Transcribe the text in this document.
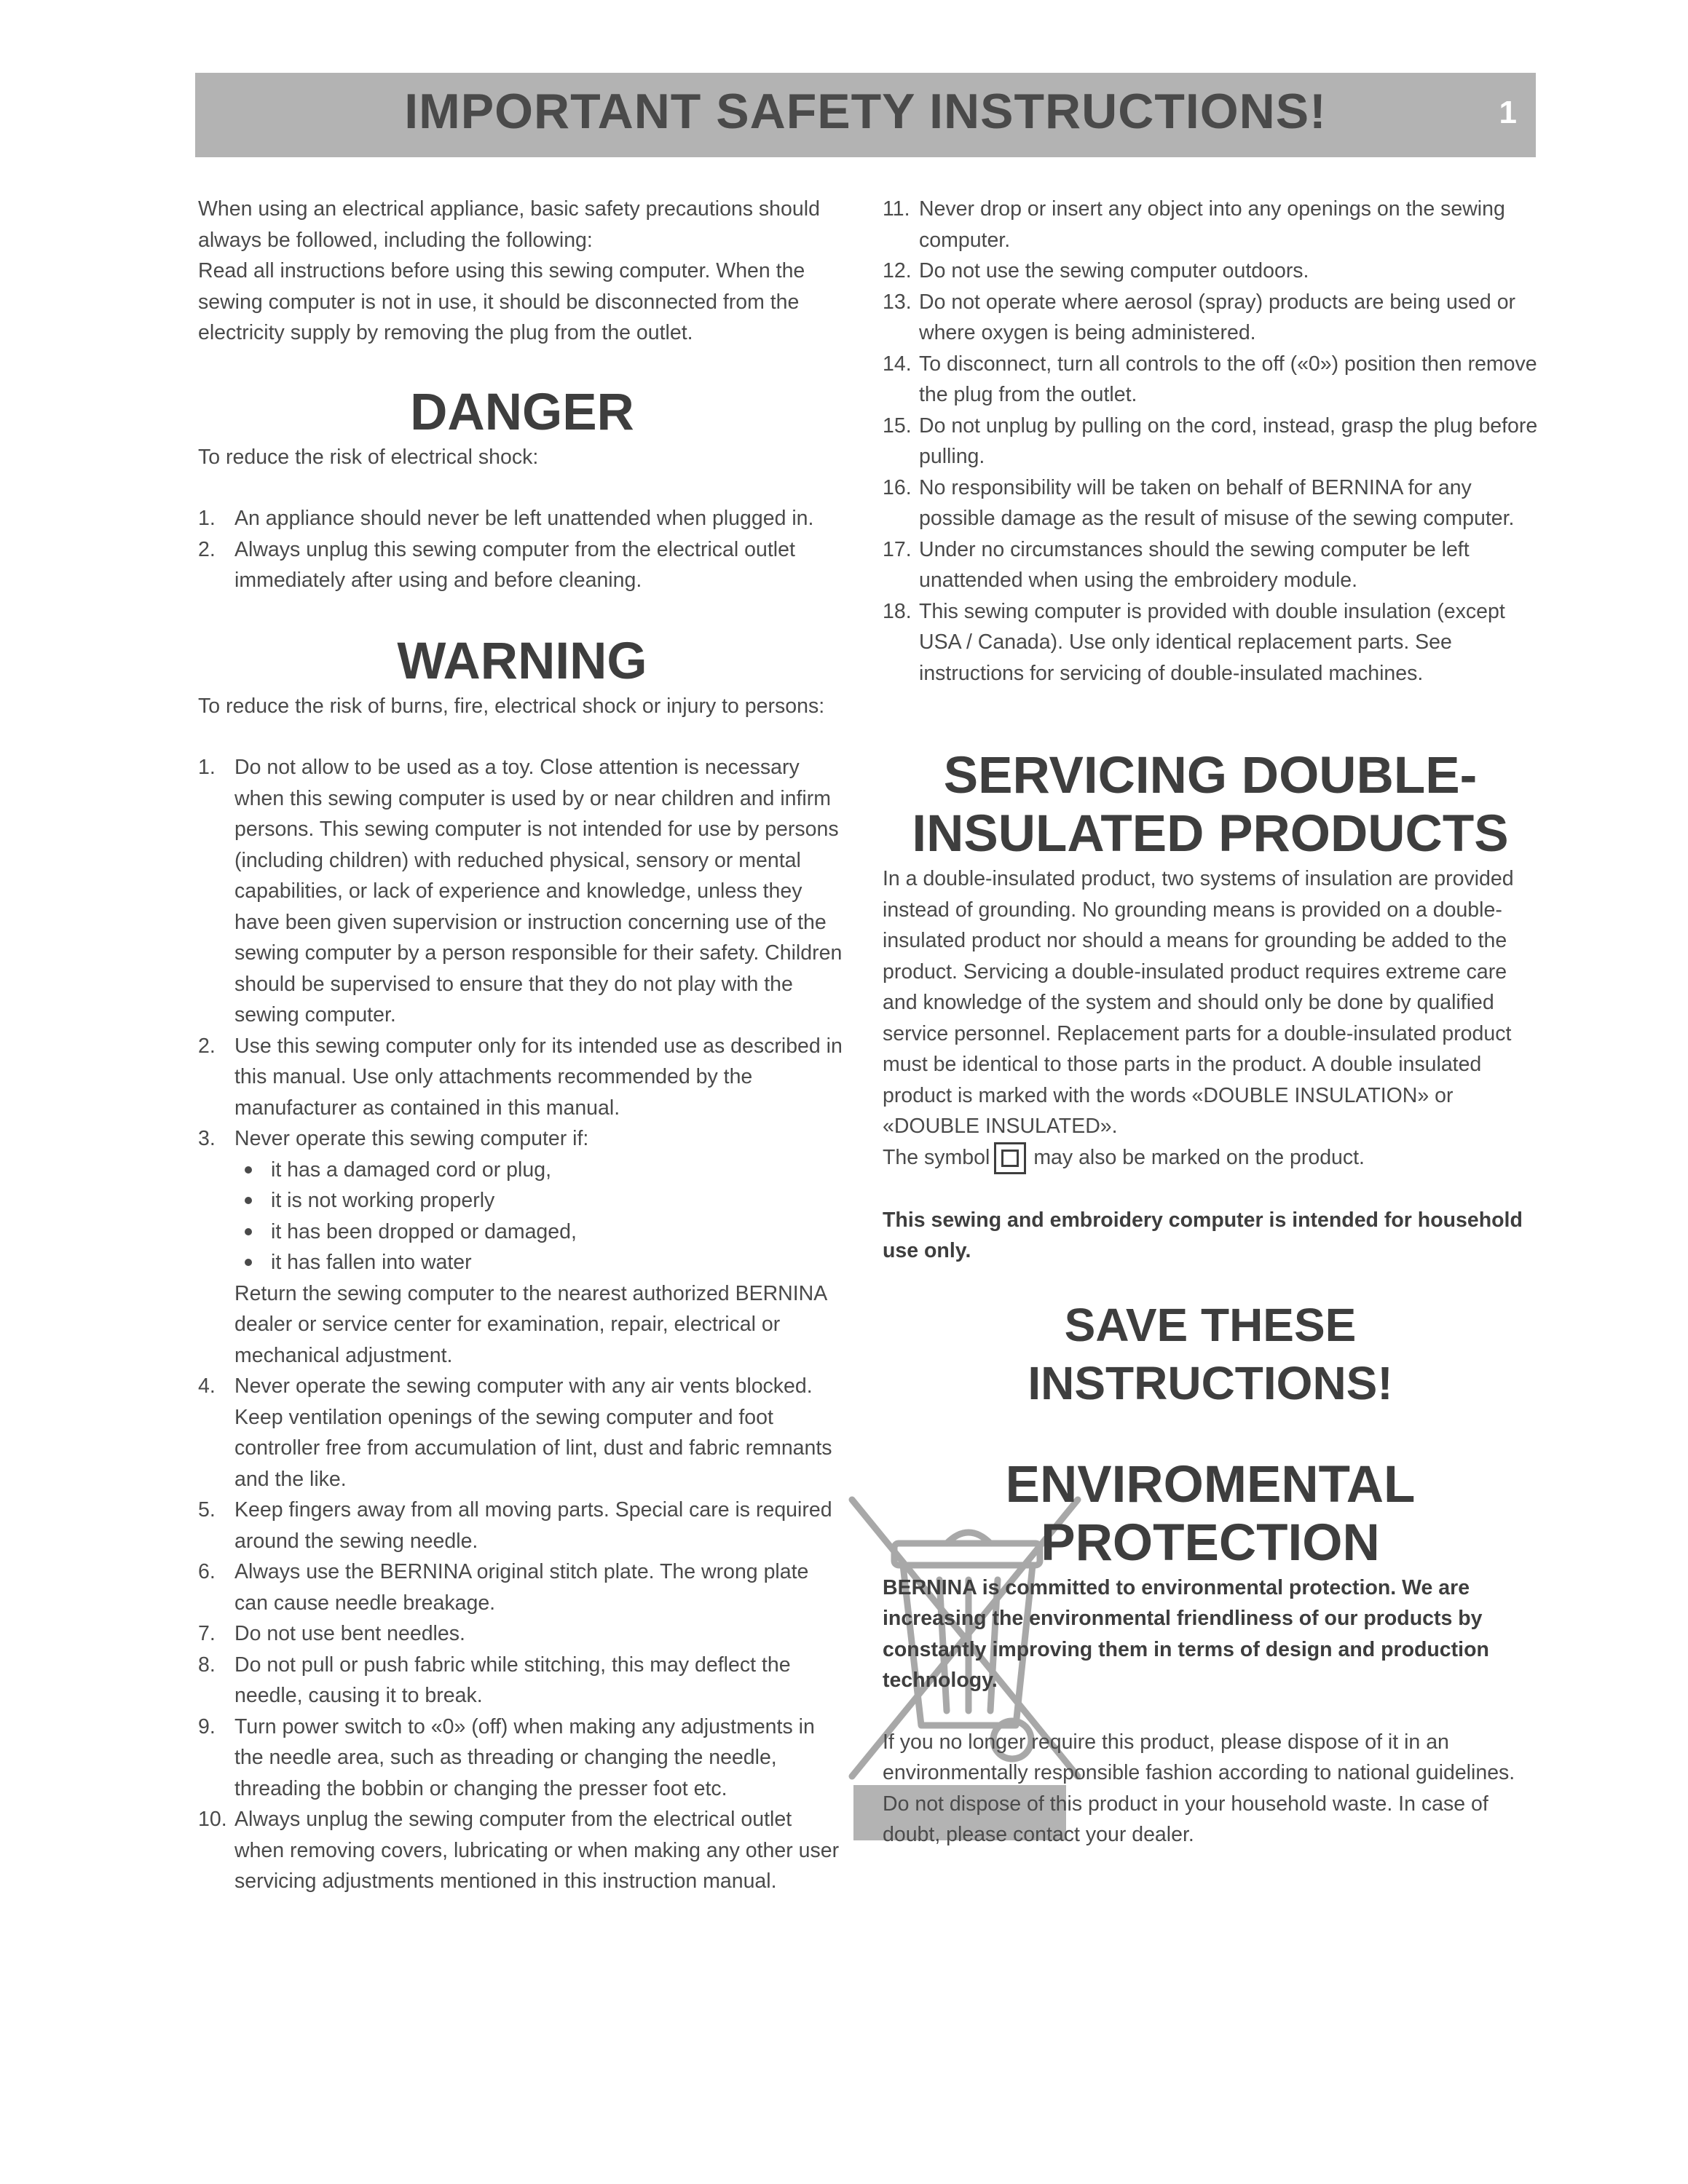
IMPORTANT SAFETY INSTRUCTIONS!	1

When using an electrical appliance, basic safety precautions should always be followed, including the following:

Read all instructions before using this sewing computer. When the sewing computer is not in use, it should be disconnected from the electricity supply by removing the plug from the outlet.

DANGER

To reduce the risk of electrical shock:

1. An appliance should never be left unattended when plugged in.
2. Always unplug this sewing computer from the electrical outlet immediately after using and before cleaning.
WARNING

To reduce the risk of burns, fire, electrical shock or injury to persons:

1. Do not allow to be used as a toy. Close attention is necessary when this sewing computer is used by or near children and infirm persons. This sewing computer is not intended for use by persons (including children) with reduched physical, sensory or mental capabilities, or lack of experience and knowledge, unless they have been given supervision or instruction concerning use of the sewing computer by a person responsible for their safety. Children should be supervised to ensure that they do not play with the sewing computer.
2. Use this sewing computer only for its intended use as described in this manual. Use only attachments recommended by the manufacturer as contained in this manual.
3. Never operate this sewing computer if:
it has a damaged cord or plug,
it is not working properly
it has been dropped or damaged,
it has fallen into water
Return the sewing computer to the nearest authorized BERNINA dealer or service center for examination, repair, electrical or mechanical adjustment.
4. Never operate the sewing computer with any air vents blocked. Keep ventilation openings of the sewing computer and foot controller free from accumulation of lint, dust and fabric remnants and the like.
5. Keep fingers away from all moving parts. Special care is required around the sewing needle.
6. Always use the BERNINA original stitch plate. The wrong plate can cause needle breakage.
7. Do not use bent needles.
8. Do not pull or push fabric while stitching, this may deflect the needle, causing it to break.
9. Turn power switch to «0» (off) when making any adjustments in the needle area, such as threading or changing the needle, threading the bobbin or changing the presser foot etc.
10. Always unplug the sewing computer from the electrical outlet when removing covers, lubricating or when making any other user servicing adjustments mentioned in this instruction manual.
11. Never drop or insert any object into any openings on the sewing computer.
12. Do not use the sewing computer outdoors.
13. Do not operate where aerosol (spray) products are being used or where oxygen is being administered.
14. To disconnect, turn all controls to the off («0») position then remove the plug from the outlet.
15. Do not unplug by pulling on the cord, instead, grasp the plug before pulling.
16. No responsibility will be taken on behalf of BERNINA for any possible damage as the result of misuse of the sewing computer.
17. Under no circumstances should the sewing computer be left unattended when using the embroidery module.
18. This sewing computer is provided with double insulation (except USA / Canada). Use only identical replacement parts. See instructions for servicing of double-insulated machines.
SERVICING DOUBLE-
INSULATED PRODUCTS

In a double-insulated product, two systems of insulation are provided instead of grounding. No grounding means is provided on a double-insulated product nor should a means for grounding be added to the product. Servicing a double-insulated product requires extreme care and knowledge of the system and should only be done by qualified service personnel. Replacement parts for a double-insulated product must be identical to those parts in the product. A double insulated product is marked with the words «DOUBLE INSULATION» or «DOUBLE INSULATED».

The symbol may also be marked on the product.

This sewing and embroidery computer is intended for household use only.

SAVE THESE INSTRUCTIONS!
ENVIROMENTAL
PROTECTION

BERNINA is committed to environmental protection. We are increasing the environmental friendliness of our products by constantly improving them in terms of design and production technology.

If you no longer require this product, please dispose of it in an environmentally responsible fashion according to national guidelines. Do not dispose of this product in your household waste. In case of doubt, please contact your dealer.
